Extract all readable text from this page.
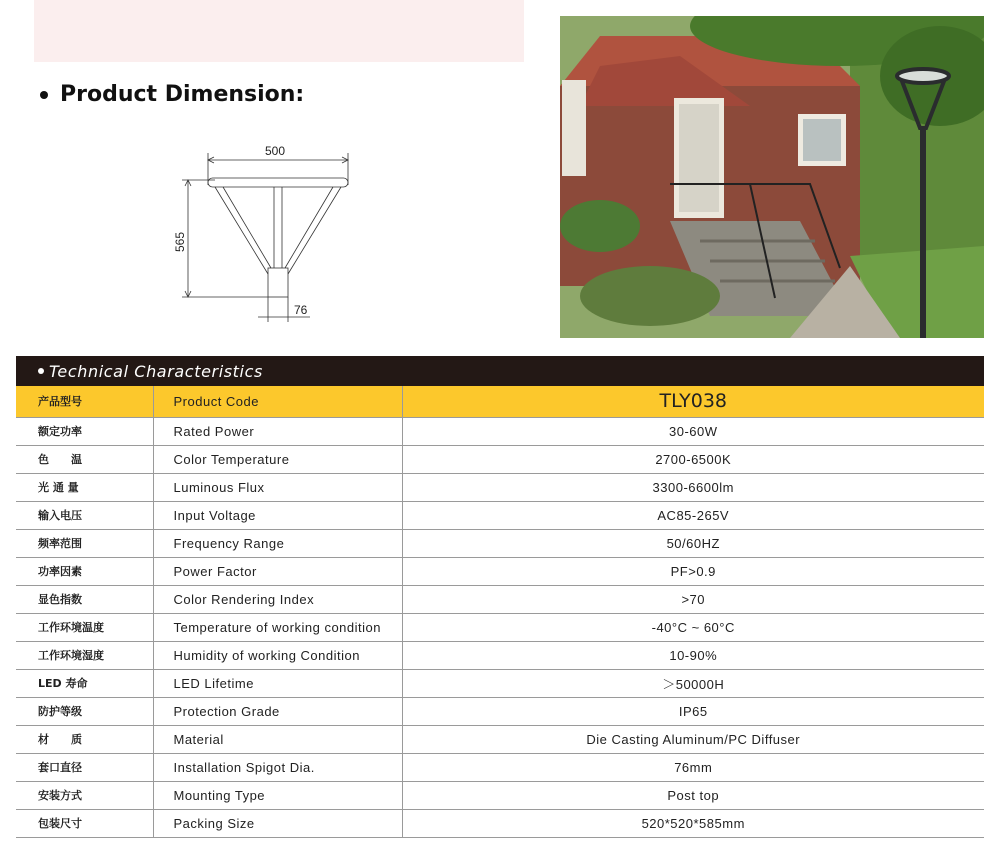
Product Dimension:
500
565
76
Technical Characteristics
产品型号	Product Code	TLY038
额定功率	Rated Power	30-60W
色　　温	Color Temperature	2700-6500K
光 通 量	Luminous Flux	3300-6600lm
输入电压	Input Voltage	AC85-265V
频率范围	Frequency Range	50/60HZ
功率因素	Power Factor	PF>0.9
显色指数	Color Rendering Index	>70
工作环境温度	Temperature of working condition	-40°C ~ 60°C
工作环境湿度	Humidity of working Condition	10-90%
LED 寿命	LED Lifetime	＞50000H
防护等级	Protection Grade	IP65
材　　质	Material	Die Casting Aluminum/PC Diffuser
套口直径	Installation Spigot Dia.	76mm
安装方式	Mounting Type	Post top
包装尺寸	Packing Size	520*520*585mm
